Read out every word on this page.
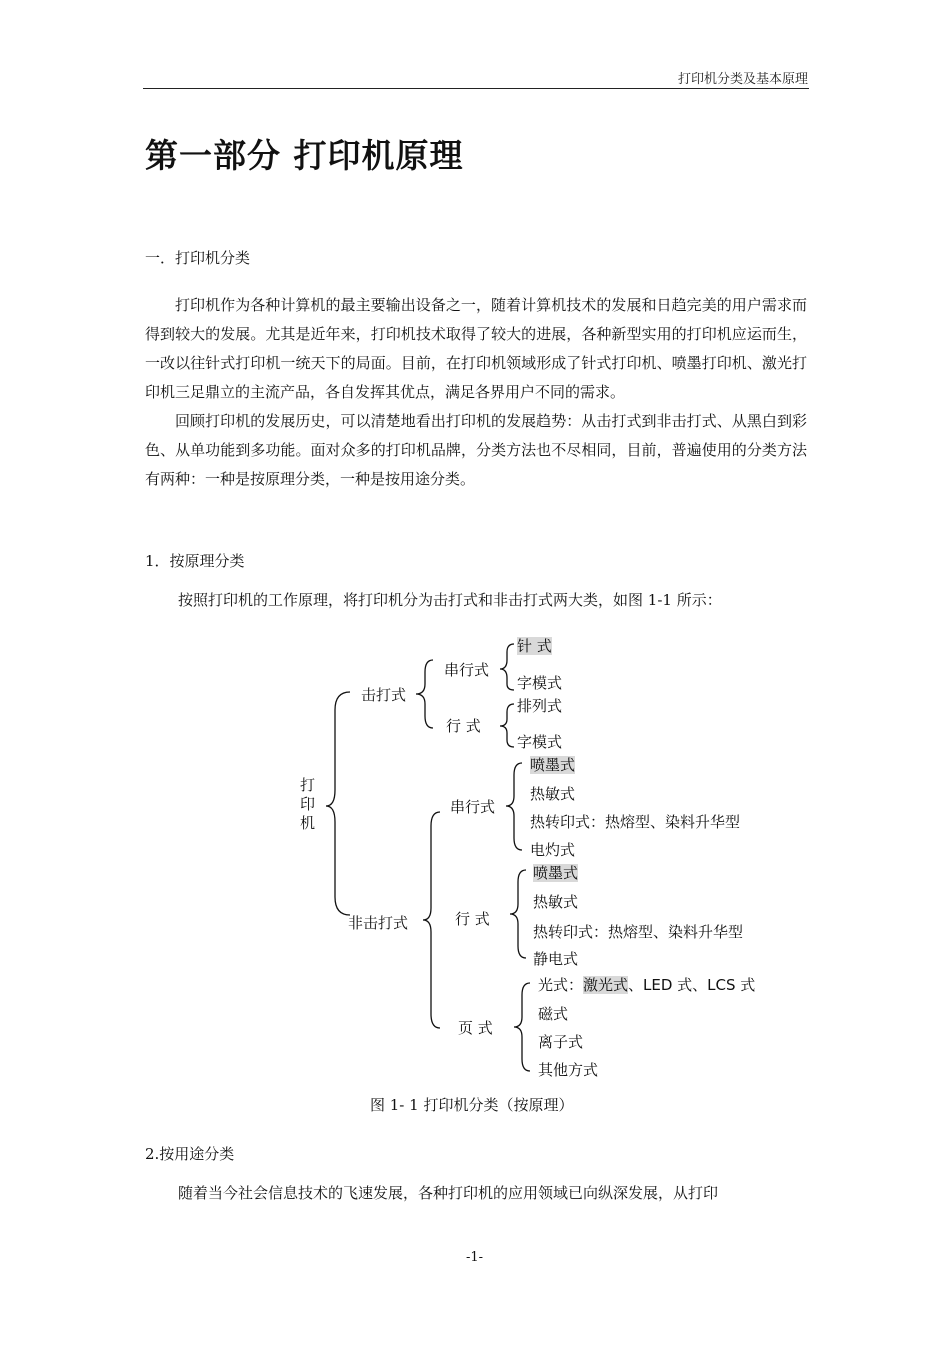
打印机分类及基本原理
第一部分 打印机原理
一．打印机分类

打印机作为各种计算机的最主要输出设备之一，随着计算机技术的发展和日趋完美的用户需求而得到较大的发展。尤其是近年来，打印机技术取得了较大的进展，各种新型实用的打印机应运而生，一改以往针式打印机一统天下的局面。目前，在打印机领域形成了针式打印机、喷墨打印机、激光打印机三足鼎立的主流产品，各自发挥其优点，满足各界用户不同的需求。

回顾打印机的发展历史，可以清楚地看出打印机的发展趋势：从击打式到非击打式、从黑白到彩色、从单功能到多功能。面对众多的打印机品牌，分类方法也不尽相同，目前，普遍使用的分类方法有两种：一种是按原理分类，一种是按用途分类。

1．按原理分类
按照打印机的工作原理，将打印机分为击打式和非击打式两大类，如图 1-1 所示：
打
印
机
击打式
串行式
针 式
字模式
行 式
排列式
字模式
非击打式
串行式
喷墨式
热敏式
热转印式：热熔型、染料升华型
电灼式
行 式
喷墨式
热敏式
热转印式：热熔型、染料升华型
静电式
页 式
光式：激光式、LED 式、LCS 式
磁式
离子式
其他方式
图 1- 1 打印机分类（按原理）
2.按用途分类
随着当今社会信息技术的飞速发展，各种打印机的应用领域已向纵深发展，从打印
-1-
